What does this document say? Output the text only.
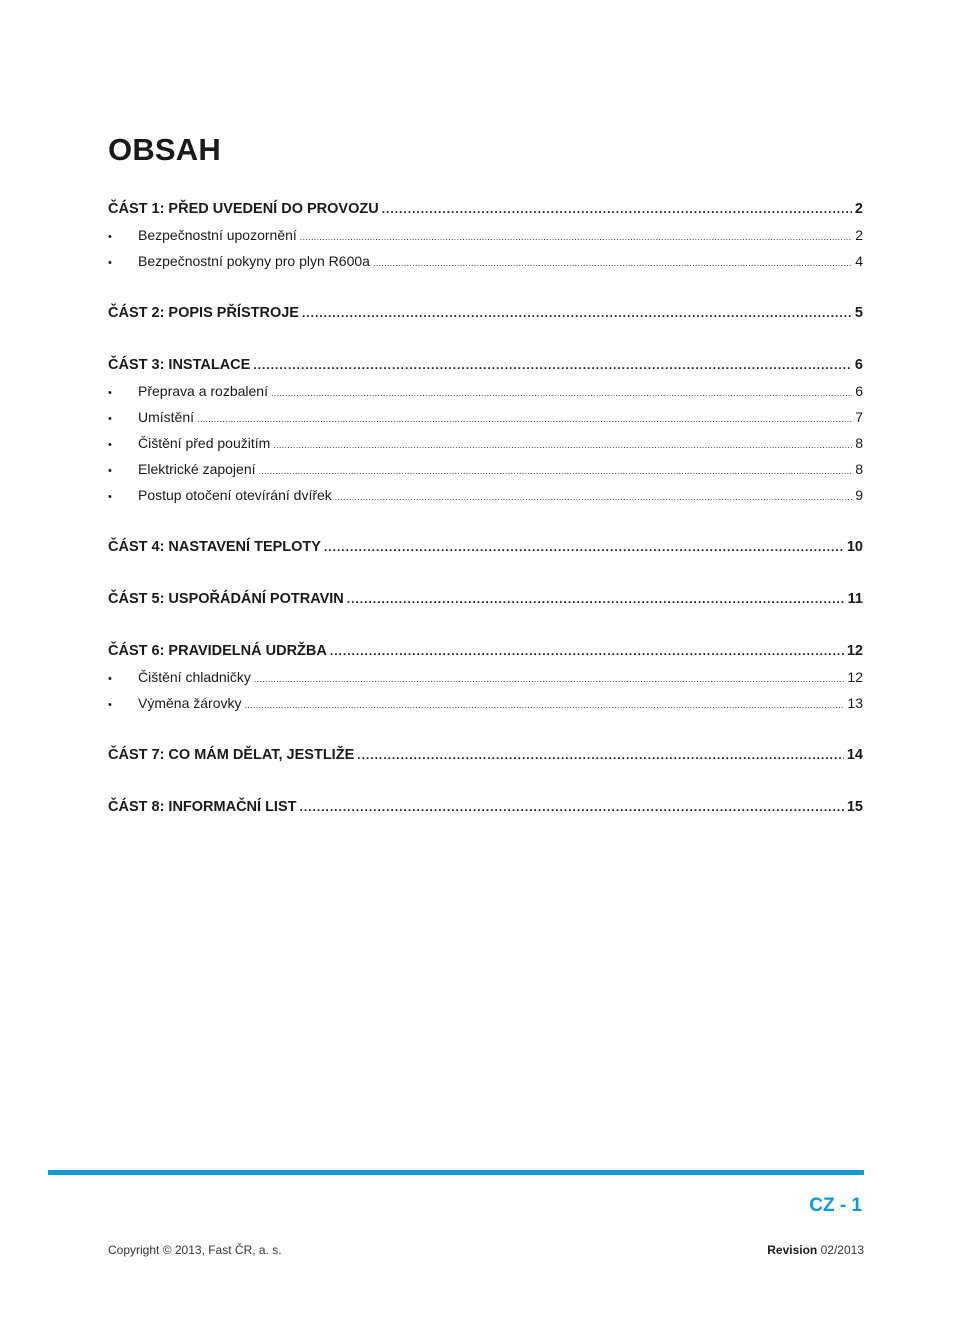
OBSAH
ČÁST 1: PŘED UVEDENÍ DO PROVOZU .....	2
•	Bezpečnostní upozornění .....	2
•	Bezpečnostní pokyny pro plyn R600a .....	4
ČÁST 2: POPIS PŘÍSTROJE .....	5
ČÁST 3: INSTALACE .....	6
•	Přeprava a rozbalení .....	6
•	Umístění .....	7
•	Čištění před použitím .....	8
•	Elektrické zapojení .....	8
•	Postup otočení otevírání dvířek .....	9
ČÁST 4: NASTAVENÍ TEPLOTY .....	10
ČÁST 5: USPOŘÁDÁNÍ POTRAVIN .....	11
ČÁST 6: PRAVIDELNÁ UDRŽBA .....	12
•	Čištění chladničky .....	12
•	Výměna žárovky .....	13
ČÁST 7: CO MÁM DĚLAT, JESTLIŽE .....	14
ČÁST 8: INFORMAČNÍ LIST .....	15
CZ - 1
Copyright © 2013, Fast ČR, a. s.	Revision 02/2013
